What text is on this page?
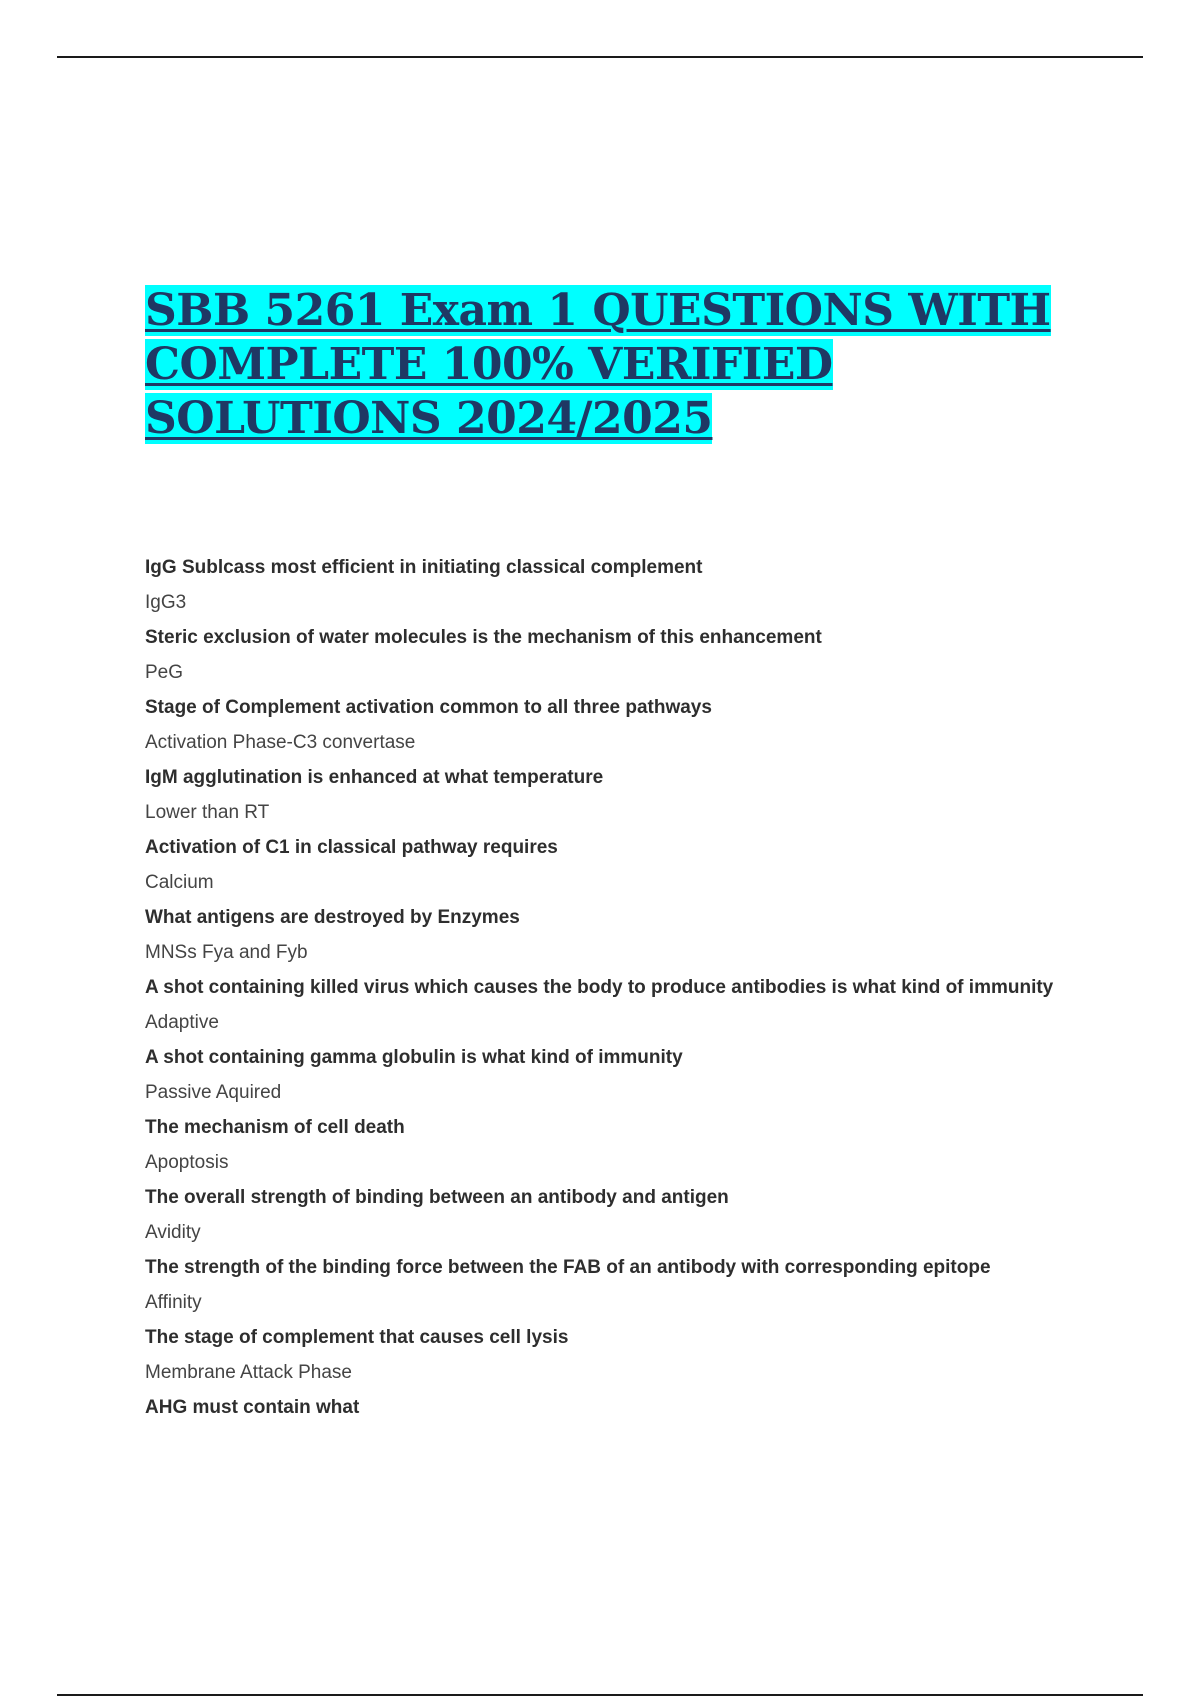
SBB 5261 Exam 1 QUESTIONS WITH
COMPLETE 100% VERIFIED
SOLUTIONS 2024/2025

IgG Sublcass most efficient in initiating classical complement

IgG3

Steric exclusion of water molecules is the mechanism of this enhancement

PeG

Stage of Complement activation common to all three pathways

Activation Phase-C3 convertase

IgM agglutination is enhanced at what temperature

Lower than RT

Activation of C1 in classical pathway requires

Calcium

What antigens are destroyed by Enzymes

MNSs Fya and Fyb

A shot containing killed virus which causes the body to produce antibodies is what kind of immunity

Adaptive

A shot containing gamma globulin is what kind of immunity

Passive Aquired

The mechanism of cell death

Apoptosis

The overall strength of binding between an antibody and antigen

Avidity

The strength of the binding force between the FAB of an antibody with corresponding epitope

Affinity

The stage of complement that causes cell lysis

Membrane Attack Phase

AHG must contain what
